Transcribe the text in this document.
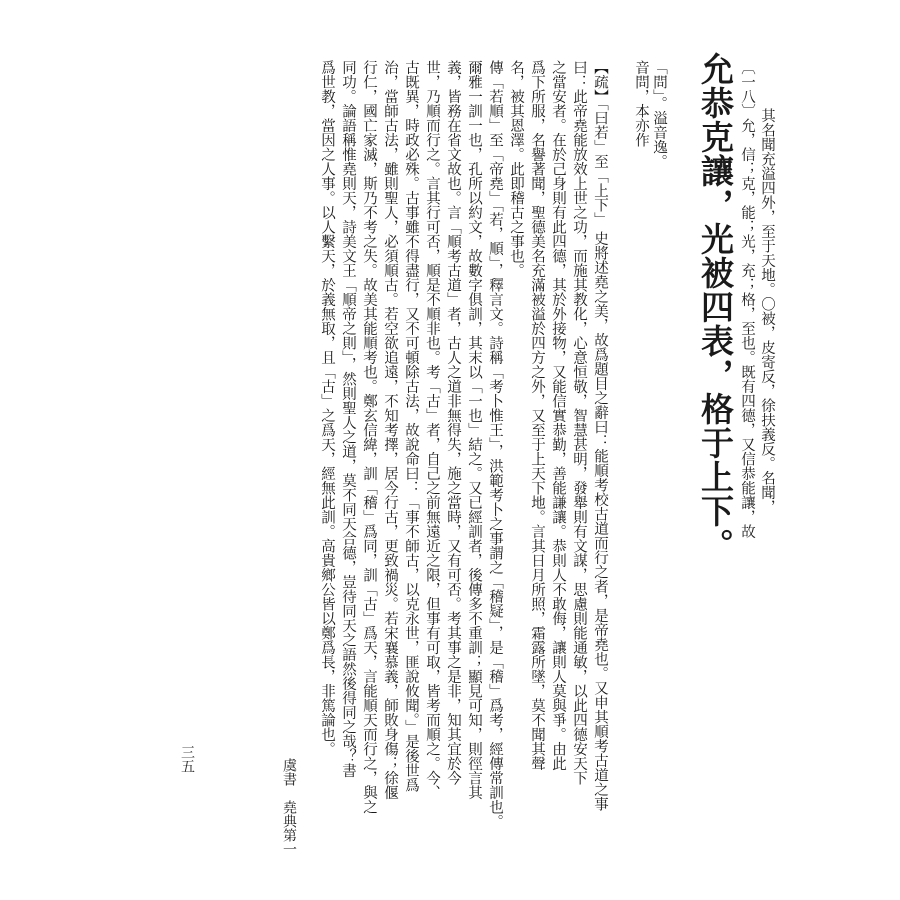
允恭克讓，光被四表，格于上下。 〔一八〕允，信；克，能；光，充；格，至也。既有四德，又信恭能讓，故 其名聞充溢四外，至于天地。〇被，皮寄反，徐扶義反。名聞，
音問，本亦作 「問」。溢音逸。
【疏】「曰若」至「上下」 史將述堯之美，故爲題目之辭曰：能順考校古道而行之者，是帝堯也。又申其順考古道之事
曰：此帝堯能放效上世之功，而施其教化，心意恒敬，智慧甚明，發舉則有文謀，思慮則能通敏，以此四德安天下
之當安者。在於己身則有此四德，其於外接物，又能信實恭勤，善能謙讓。恭則人不敢侮，讓則人莫與爭。由此
爲下所服，名譽著聞，聖德美名充滿被溢於四方之外，又至于上天下地。言其日月所照，霜露所墜，莫不聞其聲
名，被其恩澤。此即稽古之事也。
傳「若順」至「帝堯」「若，順」，釋言文。詩稱「考卜惟王」，洪範考卜之事謂之「稽疑」，是「稽」爲考，經傳常訓也。
爾雅一訓一也，孔所以約文，故數字俱訓，其末以「一也」結之。又已經訓者，後傳多不重訓；顯見可知，則徑言其
義，皆務在省文故也。言「順考古道」者，古人之道非無得失，施之當時，又有可否。考其事之是非，知其宜於今
世，乃順而行之。言其行可否，順是不順非也。考「古」者，自己之前無遠近之限，但事有可取，皆考而順之。今、
古既異，時政必殊。古事雖不得盡行，又不可頓除古法，故說命曰：「事不師古，以克永世，匪說攸聞。」是後世爲
治，當師古法，雖則聖人，必須順古。若空欲追遠，不知考擇，居今行古，更致禍災。若宋襄慕義，師敗身傷；徐偃
行仁，國亡家滅，斯乃不考之失。故美其能順考也。鄭玄信緯，訓「稽」爲同，訓「古」爲天，言能順天而行之，與之
同功。論語稱惟堯則天，詩美文王「順帝之則」，然則聖人之道，莫不同天合德，豈待同天之語然後得同之哉？書
爲世教，當因之人事。以人繫天，於義無取，且「古」之爲天，經無此訓。高貴鄉公皆以鄭爲長，非篤論也。
虞書　堯典第一
三五
